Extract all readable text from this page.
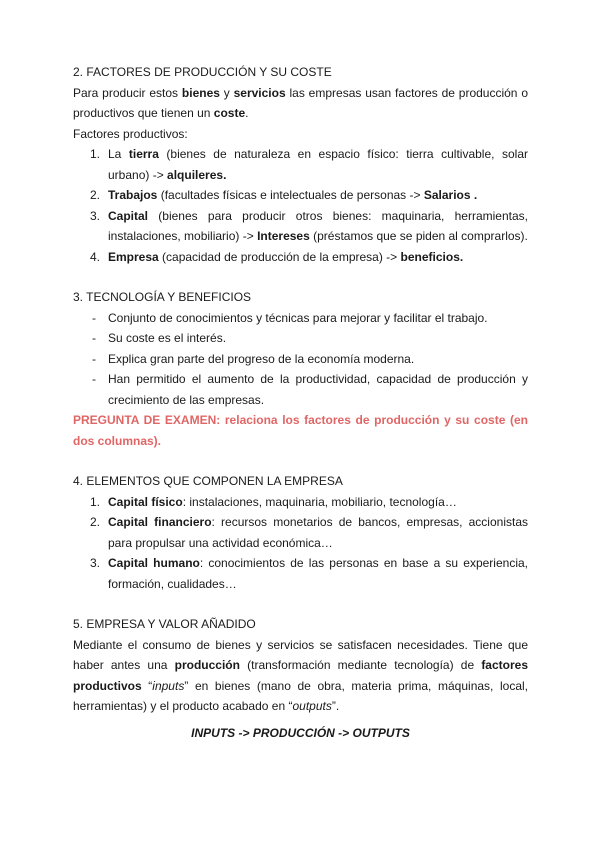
2. FACTORES DE PRODUCCIÓN Y SU COSTE

Para producir estos bienes y servicios las empresas usan factores de producción o productivos que tienen un coste.

Factores productivos:

1. La tierra (bienes de naturaleza en espacio físico: tierra cultivable, solar urbano) -> alquileres.
2. Trabajos (facultades físicas e intelectuales de personas -> Salarios .
3. Capital (bienes para producir otros bienes: maquinaria, herramientas, instalaciones, mobiliario) -> Intereses (préstamos que se piden al comprarlos).
4. Empresa (capacidad de producción de la empresa) -> beneficios.

3. TECNOLOGÍA Y BENEFICIOS

- Conjunto de conocimientos y técnicas para mejorar y facilitar el trabajo.
- Su coste es el interés.
- Explica gran parte del progreso de la economía moderna.
- Han permitido el aumento de la productividad, capacidad de producción y crecimiento de las empresas.

PREGUNTA DE EXAMEN: relaciona los factores de producción y su coste (en dos columnas).

4. ELEMENTOS QUE COMPONEN LA EMPRESA

1. Capital físico: instalaciones, maquinaria, mobiliario, tecnología…
2. Capital financiero: recursos monetarios de bancos, empresas, accionistas para propulsar una actividad económica…
3. Capital humano: conocimientos de las personas en base a su experiencia, formación, cualidades…

5. EMPRESA Y VALOR AÑADIDO

Mediante el consumo de bienes y servicios se satisfacen necesidades. Tiene que haber antes una producción (transformación mediante tecnología) de factores productivos “inputs” en bienes (mano de obra, materia prima, máquinas, local, herramientas) y el producto acabado en “outputs”.

INPUTS -> PRODUCCIÓN -> OUTPUTS
